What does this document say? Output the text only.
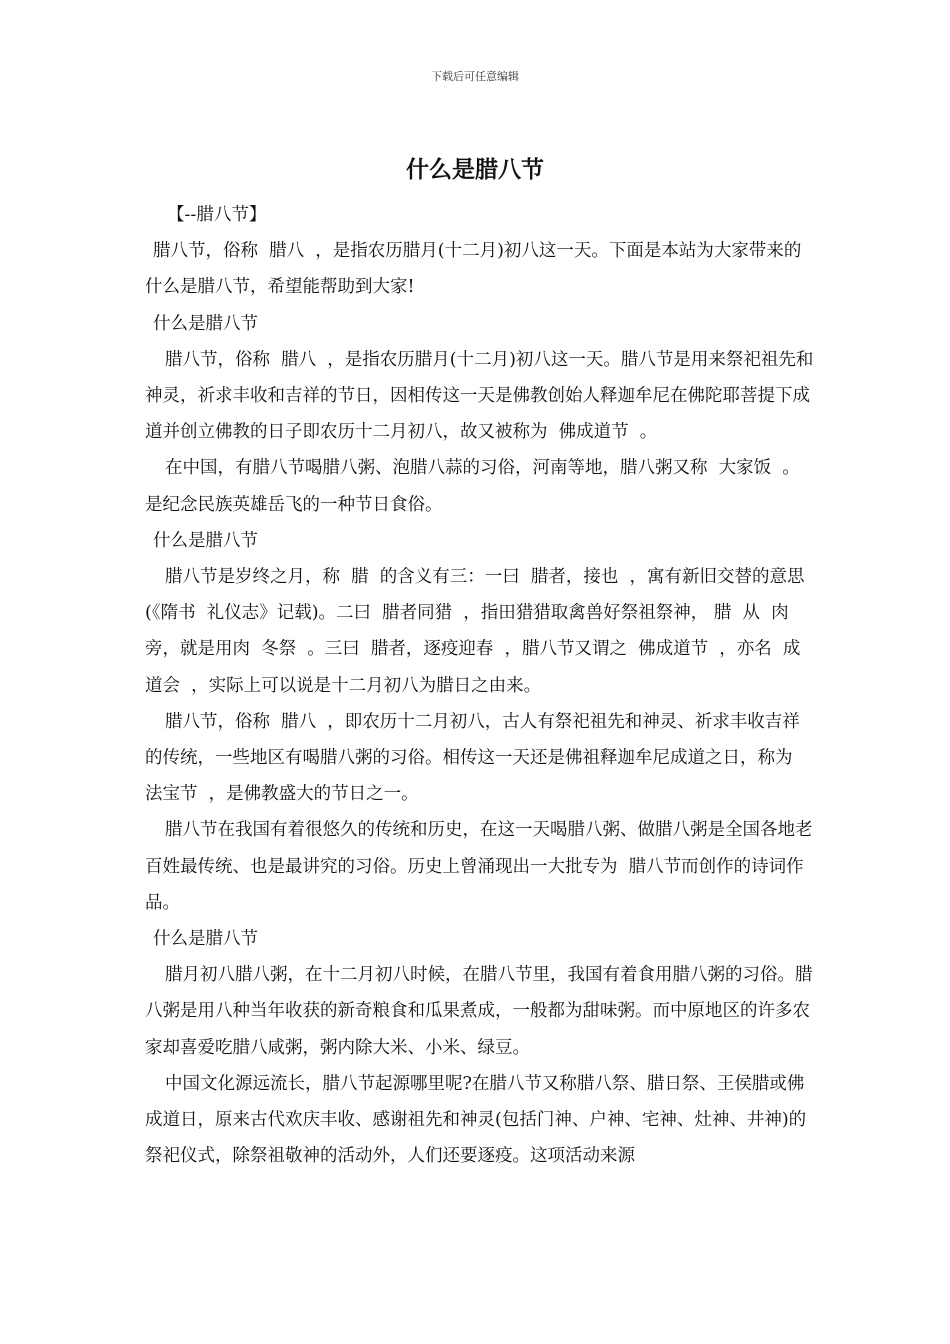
下载后可任意编辑
什么是腊八节

【--腊八节】

腊八节，俗称  腊八  ，是指农历腊月(十二月)初八这一天。下面是本站为大家带来的什么是腊八节，希望能帮助到大家!

什么是腊八节

腊八节，俗称  腊八  ，是指农历腊月(十二月)初八这一天。腊八节是用来祭祀祖先和神灵，祈求丰收和吉祥的节日，因相传这一天是佛教创始人释迦牟尼在佛陀耶菩提下成道并创立佛教的日子即农历十二月初八，故又被称为  佛成道节  。

在中国，有腊八节喝腊八粥、泡腊八蒜的习俗，河南等地，腊八粥又称  大家饭  。是纪念民族英雄岳飞的一种节日食俗。

什么是腊八节

腊八节是岁终之月，称  腊  的含义有三：一曰  腊者，接也  ，寓有新旧交替的意思(《隋书  礼仪志》记载)。二曰  腊者同猎  ，指田猎猎取禽兽好祭祖祭神， 腊  从  肉  旁，就是用肉  冬祭  。三曰  腊者，逐疫迎春  ，腊八节又谓之  佛成道节  ，亦名  成道会  ，实际上可以说是十二月初八为腊日之由来。

腊八节，俗称  腊八  ，即农历十二月初八，古人有祭祀祖先和神灵、祈求丰收吉祥的传统，一些地区有喝腊八粥的习俗。相传这一天还是佛祖释迦牟尼成道之日，称为  法宝节  ，是佛教盛大的节日之一。

腊八节在我国有着很悠久的传统和历史，在这一天喝腊八粥、做腊八粥是全国各地老百姓最传统、也是最讲究的习俗。历史上曾涌现出一大批专为  腊八节而创作的诗词作品。

什么是腊八节

腊月初八腊八粥，在十二月初八时候，在腊八节里，我国有着食用腊八粥的习俗。腊八粥是用八种当年收获的新奇粮食和瓜果煮成，一般都为甜味粥。而中原地区的许多农家却喜爱吃腊八咸粥，粥内除大米、小米、绿豆。

中国文化源远流长，腊八节起源哪里呢?在腊八节又称腊八祭、腊日祭、王侯腊或佛成道日，原来古代欢庆丰收、感谢祖先和神灵(包括门神、户神、宅神、灶神、井神)的祭祀仪式，除祭祖敬神的活动外，人们还要逐疫。这项活动来源
